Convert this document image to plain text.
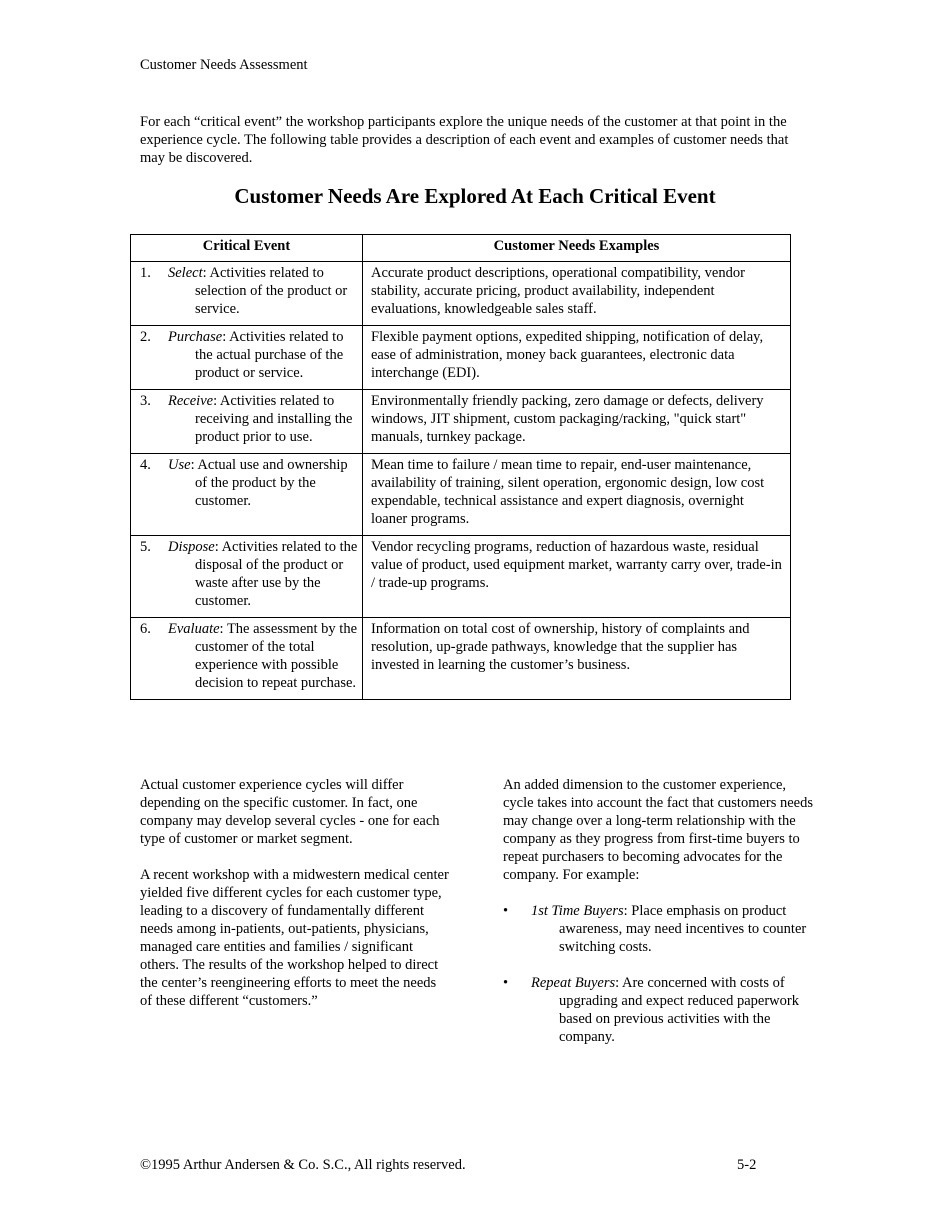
Customer Needs Assessment
For each “critical event” the workshop participants explore the unique needs of the customer at that point in the experience cycle. The following table provides a description of each event and examples of customer needs that may be discovered.
Customer Needs Are Explored At Each Critical Event
Critical Event	Customer Needs Examples

1. Select: Activities related to selection of the product or service.	Accurate product descriptions, operational compatibility, vendor stability, accurate pricing, product availability, independent evaluations, knowledgeable sales staff.

2. Purchase: Activities related to the actual purchase of the product or service.	Flexible payment options, expedited shipping, notification of delay, ease of administration, money back guarantees, electronic data interchange (EDI).

3. Receive: Activities related to receiving and installing the product prior to use.	Environmentally friendly packing, zero damage or defects, delivery windows, JIT shipment, custom packaging/racking, "quick start" manuals, turnkey package.

4. Use: Actual use and ownership of the product by the customer.	Mean time to failure / mean time to repair, end-user maintenance, availability of training, silent operation, ergonomic design, low cost expendable, technical assistance and expert diagnosis, overnight loaner programs.

5. Dispose: Activities related to the disposal of the product or waste after use by the customer.	Vendor recycling programs, reduction of hazardous waste, residual value of product, used equipment market, warranty carry over, trade-in / trade-up programs.

6. Evaluate: The assessment by the customer of the total experience with possible decision to repeat purchase.	Information on total cost of ownership, history of complaints and resolution, up-grade pathways, knowledge that the supplier has invested in learning the customer’s business.

Actual customer experience cycles will differ depending on the specific customer. In fact, one company may develop several cycles - one for each type of customer or market segment.

A recent workshop with a midwestern medical center yielded five different cycles for each customer type, leading to a discovery of fundamentally different needs among in-patients, out-patients, physicians, managed care entities and families / significant others. The results of the workshop helped to direct the center’s reengineering efforts to meet the needs of these different “customers.”

An added dimension to the customer experience, cycle takes into account the fact that customers needs may change over a long-term relationship with the company as they progress from first-time buyers to repeat purchasers to becoming advocates for the company. For example:

• 1st Time Buyers: Place emphasis on product awareness, may need incentives to counter switching costs.
• Repeat Buyers: Are concerned with costs of upgrading and expect reduced paperwork based on previous activities with the company.
©1995 Arthur Andersen & Co. S.C., All rights reserved.	5-2
